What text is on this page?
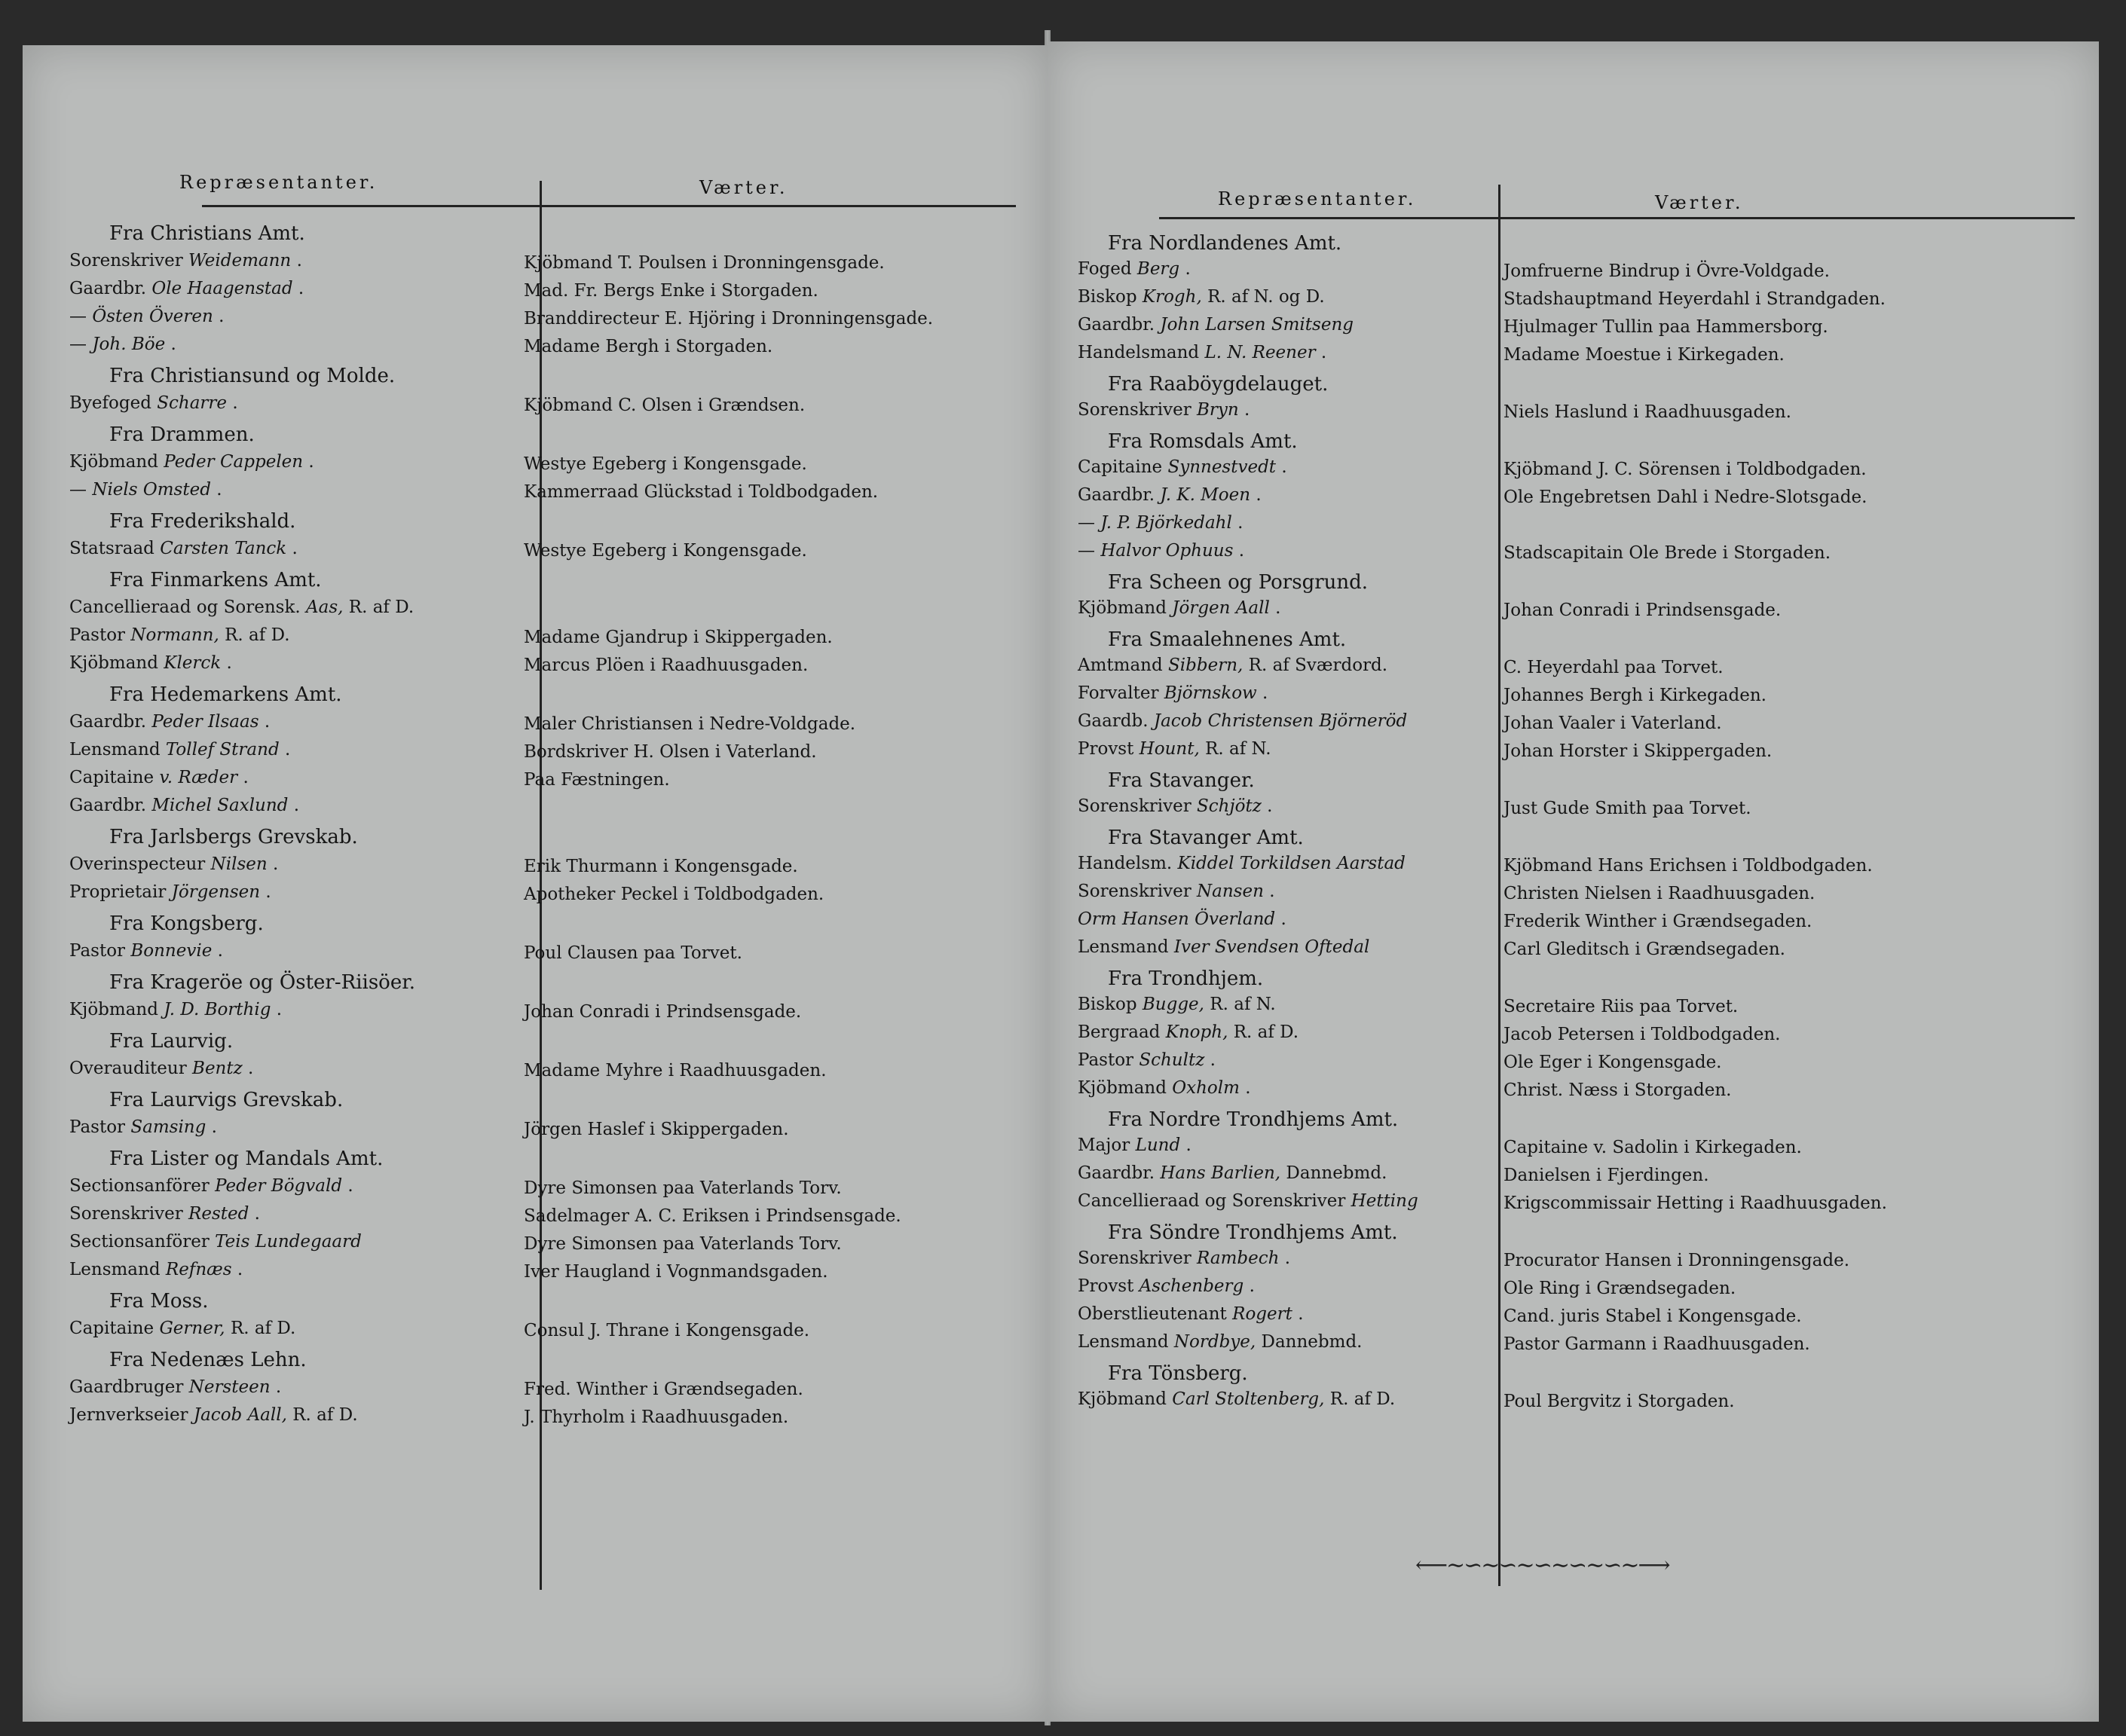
Repræsentanter.	Værter.
Fra Christians Amt.
Sorenskriver Weidemann .	Kjöbmand T. Poulsen i Dronningensgade.
Gaardbr. Ole Haagenstad .	Mad. Fr. Bergs Enke i Storgaden.
— Östen Överen .	Branddirecteur E. Hjöring i Dronningensgade.
— Joh. Böe .	Madame Bergh i Storgaden.
Fra Christiansund og Molde.
Byefoged Scharre .	Kjöbmand C. Olsen i Grændsen.
Fra Drammen.
Kjöbmand Peder Cappelen .	Westye Egeberg i Kongensgade.
— Niels Omsted .	Kammerraad Glückstad i Toldbodgaden.
Fra Frederikshald.
Statsraad Carsten Tanck .	Westye Egeberg i Kongensgade.
Fra Finmarkens Amt.
Cancellieraad og Sorensk. Aas, R. af D.
Pastor Normann, R. af D.	Madame Gjandrup i Skippergaden.
Kjöbmand Klerck .	Marcus Plöen i Raadhuusgaden.
Fra Hedemarkens Amt.
Gaardbr. Peder Ilsaas .	Maler Christiansen i Nedre-Voldgade.
Lensmand Tollef Strand .	Bordskriver H. Olsen i Vaterland.
Capitaine v. Ræder .	Paa Fæstningen.
Gaardbr. Michel Saxlund .
Fra Jarlsbergs Grevskab.
Overinspecteur Nilsen .	Erik Thurmann i Kongensgade.
Proprietair Jörgensen .	Apotheker Peckel i Toldbodgaden.
Fra Kongsberg.
Pastor Bonnevie .	Poul Clausen paa Torvet.
Fra Krageröe og Öster-Riisöer.
Kjöbmand J. D. Borthig .	Johan Conradi i Prindsensgade.
Fra Laurvig.
Overauditeur Bentz .	Madame Myhre i Raadhuusgaden.
Fra Laurvigs Grevskab.
Pastor Samsing .	Jörgen Haslef i Skippergaden.
Fra Lister og Mandals Amt.
Sectionsanförer Peder Bögvald .	Dyre Simonsen paa Vaterlands Torv.
Sorenskriver Rested .	Sadelmager A. C. Eriksen i Prindsensgade.
Sectionsanförer Teis Lundegaard	Dyre Simonsen paa Vaterlands Torv.
Lensmand Refnæs .	Iver Haugland i Vognmandsgaden.
Fra Moss.
Capitaine Gerner, R. af D.	Consul J. Thrane i Kongensgade.
Fra Nedenæs Lehn.
Gaardbruger Nersteen .	Fred. Winther i Grændsegaden.
Jernverkseier Jacob Aall, R. af D.	J. Thyrholm i Raadhuusgaden.
Repræsentanter.	Værter.
Fra Nordlandenes Amt.
Foged Berg .	Jomfruerne Bindrup i Övre-Voldgade.
Biskop Krogh, R. af N. og D.	Stadshauptmand Heyerdahl i Strandgaden.
Gaardbr. John Larsen Smitseng	Hjulmager Tullin paa Hammersborg.
Handelsmand L. N. Reener .	Madame Moestue i Kirkegaden.
Fra Raaböygdelauget.
Sorenskriver Bryn .	Niels Haslund i Raadhuusgaden.
Fra Romsdals Amt.
Capitaine Synnestvedt .	Kjöbmand J. C. Sörensen i Toldbodgaden.
Gaardbr. J. K. Moen .	Ole Engebretsen Dahl i Nedre-Slotsgade.
— J. P. Björkedahl .
— Halvor Ophuus .	Stadscapitain Ole Brede i Storgaden.
Fra Scheen og Porsgrund.
Kjöbmand Jörgen Aall .	Johan Conradi i Prindsensgade.
Fra Smaalehnenes Amt.
Amtmand Sibbern, R. af Sværdord.	C. Heyerdahl paa Torvet.
Forvalter Björnskow .	Johannes Bergh i Kirkegaden.
Gaardb. Jacob Christensen Björneröd	Johan Vaaler i Vaterland.
Provst Hount, R. af N.	Johan Horster i Skippergaden.
Fra Stavanger.
Sorenskriver Schjötz .	Just Gude Smith paa Torvet.
Fra Stavanger Amt.
Handelsm. Kiddel Torkildsen Aarstad	Kjöbmand Hans Erichsen i Toldbodgaden.
Sorenskriver Nansen .	Christen Nielsen i Raadhuusgaden.
Orm Hansen Överland .	Frederik Winther i Grændsegaden.
Lensmand Iver Svendsen Oftedal	Carl Gleditsch i Grændsegaden.
Fra Trondhjem.
Biskop Bugge, R. af N.	Secretaire Riis paa Torvet.
Bergraad Knoph, R. af D.	Jacob Petersen i Toldbodgaden.
Pastor Schultz .	Ole Eger i Kongensgade.
Kjöbmand Oxholm .	Christ. Næss i Storgaden.
Fra Nordre Trondhjems Amt.
Major Lund .	Capitaine v. Sadolin i Kirkegaden.
Gaardbr. Hans Barlien, Dannebmd.	Danielsen i Fjerdingen.
Cancellieraad og Sorenskriver Hetting	Krigscommissair Hetting i Raadhuusgaden.
Fra Söndre Trondhjems Amt.
Sorenskriver Rambech .	Procurator Hansen i Dronningensgade.
Provst Aschenberg .	Ole Ring i Grændsegaden.
Oberstlieutenant Rogert .	Cand. juris Stabel i Kongensgade.
Lensmand Nordbye, Dannebmd.	Pastor Garmann i Raadhuusgaden.
Fra Tönsberg.
Kjöbmand Carl Stoltenberg, R. af D.	Poul Bergvitz i Storgaden.
⟵∼∽∼∽∼∽∼∽∼∽∼⟶
